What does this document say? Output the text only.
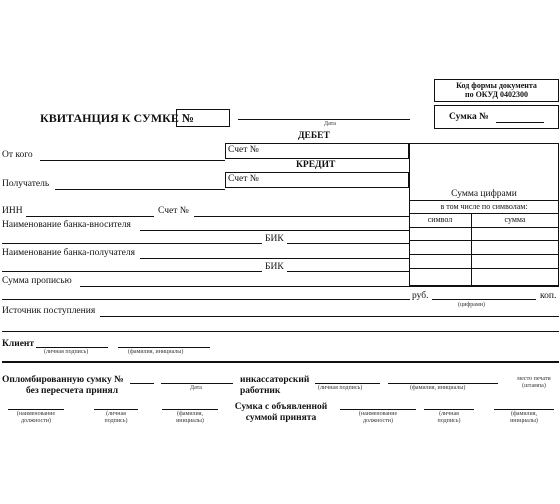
Код формы документа
по ОКУД 0402300
Сумка №
КВИТАНЦИЯ К СУМКЕ №	Дата
ДЕБЕТ
Счет №
От кого
КРЕДИТ
Счет №
Получатель
Сумма цифрами
в том числе по символам:
символ	сумма
ИНН	Счет №
Наименование банка-вносителя
БИК
Наименование банка-получателя
БИК
Сумма прописью
руб.	коп.
(цифрами)
Источник поступления
Клиент
(личная подпись)	(фамилия, инициалы)
Опломбированную сумку №
без пересчета принял	Дата
инкассаторский
работник	(личная подпись)	(фамилия, инициалы)
место печати
(штампа)
(наименование
должности)
(личная
подпись)
(фамилия,
инициалы)
Сумка с объявленной
суммой принята	(наименование
должности)
(личная
подпись)
(фамилия,
инициалы)
